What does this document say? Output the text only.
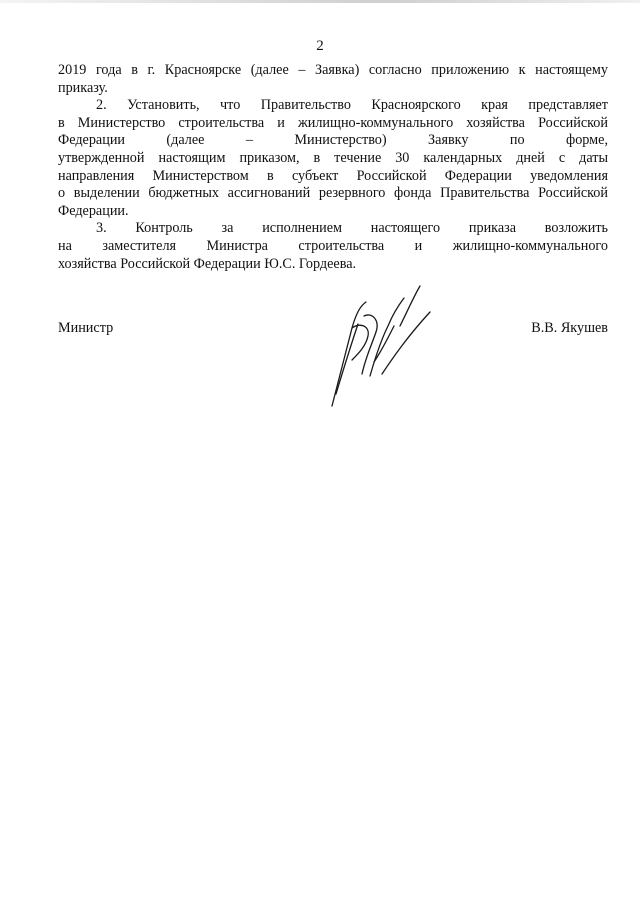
2
2019 года в г. Красноярске (далее – Заявка) согласно приложению к настоящему
приказу.
2. Установить, что Правительство Красноярского края представляет
в Министерство строительства и жилищно-коммунального хозяйства Российской
Федерации (далее – Министерство) Заявку по форме,
утвержденной настоящим приказом, в течение 30 календарных дней с даты
направления Министерством в субъект Российской Федерации уведомления
о выделении бюджетных ассигнований резервного фонда Правительства Российской
Федерации.
3. Контроль за исполнением настоящего приказа возложить
на заместителя Министра строительства и жилищно-коммунального
хозяйства Российской Федерации Ю.С. Гордеева.
Министр	В.В. Якушев
